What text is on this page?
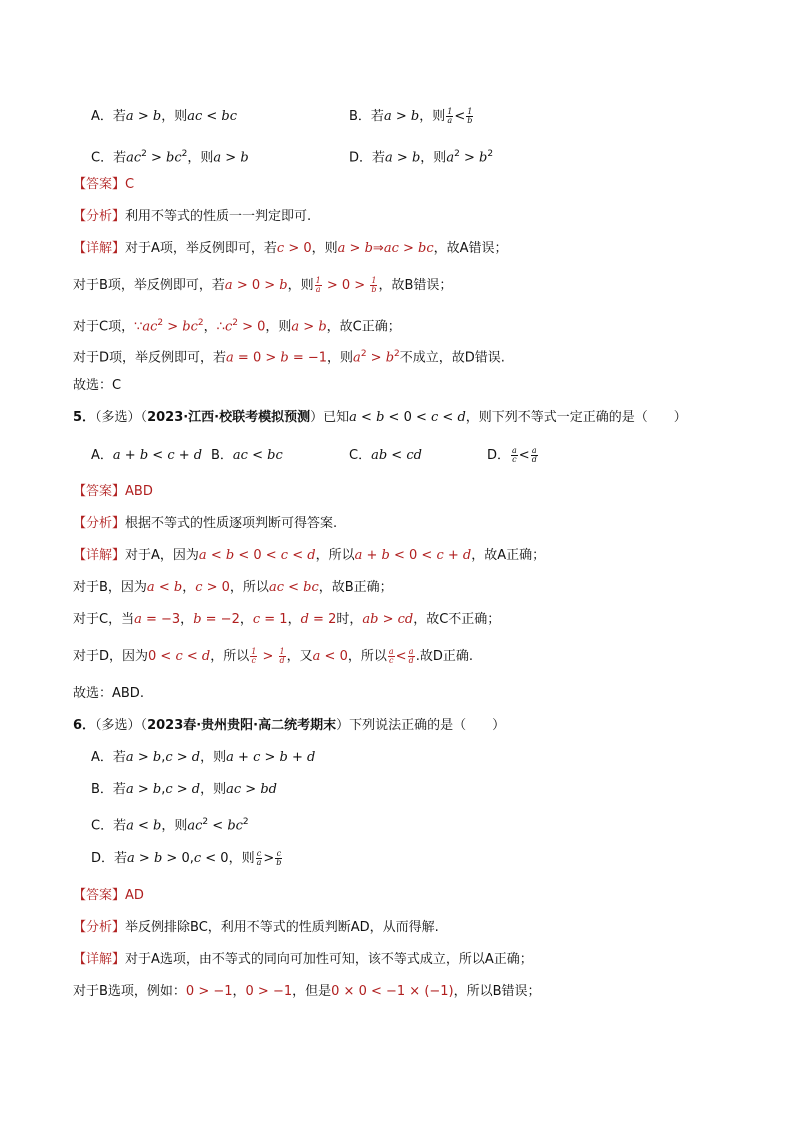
A．若a > b，则ac < bc	B．若a > b，则 $\frac{1}{a} < \frac{1}{b}$
C．若$ac^2 > bc^2$，则a > b	D．若a > b，则$a^2 > b^2$
【答案】C
【分析】利用不等式的性质一一判定即可.
【详解】对于A项，举反例即可，若c > 0，则a > b⇒ac > bc，故A错误；
对于B项，举反例即可，若a > 0 > b，则 $\frac{1}{a} > 0 > \frac{1}{b}$ ，故B错误；
对于C项，$\because ac^2 > bc^2$，$\therefore c^2 > 0$，则a > b，故C正确；
对于D项，举反例即可，若a = 0 > b = −1，则$a^2 > b^2$不成立，故D错误.
故选：C
5．（多选）（2023·江西·校联考模拟预测）已知a < b < 0 < c < d，则下列不等式一定正确的是（　　）
A．a + b < c + d B．ac < bc	C．ab < cd	D． $\frac{a}{c} < \frac{a}{d}$
【答案】ABD
【分析】根据不等式的性质逐项判断可得答案.
【详解】对于A，因为a < b < 0 < c < d，所以a + b < 0 < c + d，故A正确；
对于B，因为a < b，c > 0，所以ac < bc，故B正确；
对于C，当a = −3，b = −2，c = 1，d = 2时，ab > cd，故C不正确；
对于D，因为0 < c < d，所以 $\frac{1}{c} > \frac{1}{d}$ ，又a < 0，所以 $\frac{a}{c} < \frac{a}{d}$ .故D正确.
故选：ABD.
6．（多选）（2023春·贵州贵阳·高二统考期末）下列说法正确的是（　　）
A．若a > b,c > d，则a + c > b + d
B．若a > b,c > d，则ac > bd
C．若a < b，则$ac^2 < bc^2$
D．若a > b > 0,c < 0，则 $\frac{c}{a} > \frac{c}{b}$
【答案】AD
【分析】举反例排除BC，利用不等式的性质判断AD，从而得解.
【详解】对于A选项，由不等式的同向可加性可知，该不等式成立，所以A正确；
对于B选项，例如：0 > −1，0 > −1，但是0 × 0 < −1 × (−1)，所以B错误；
